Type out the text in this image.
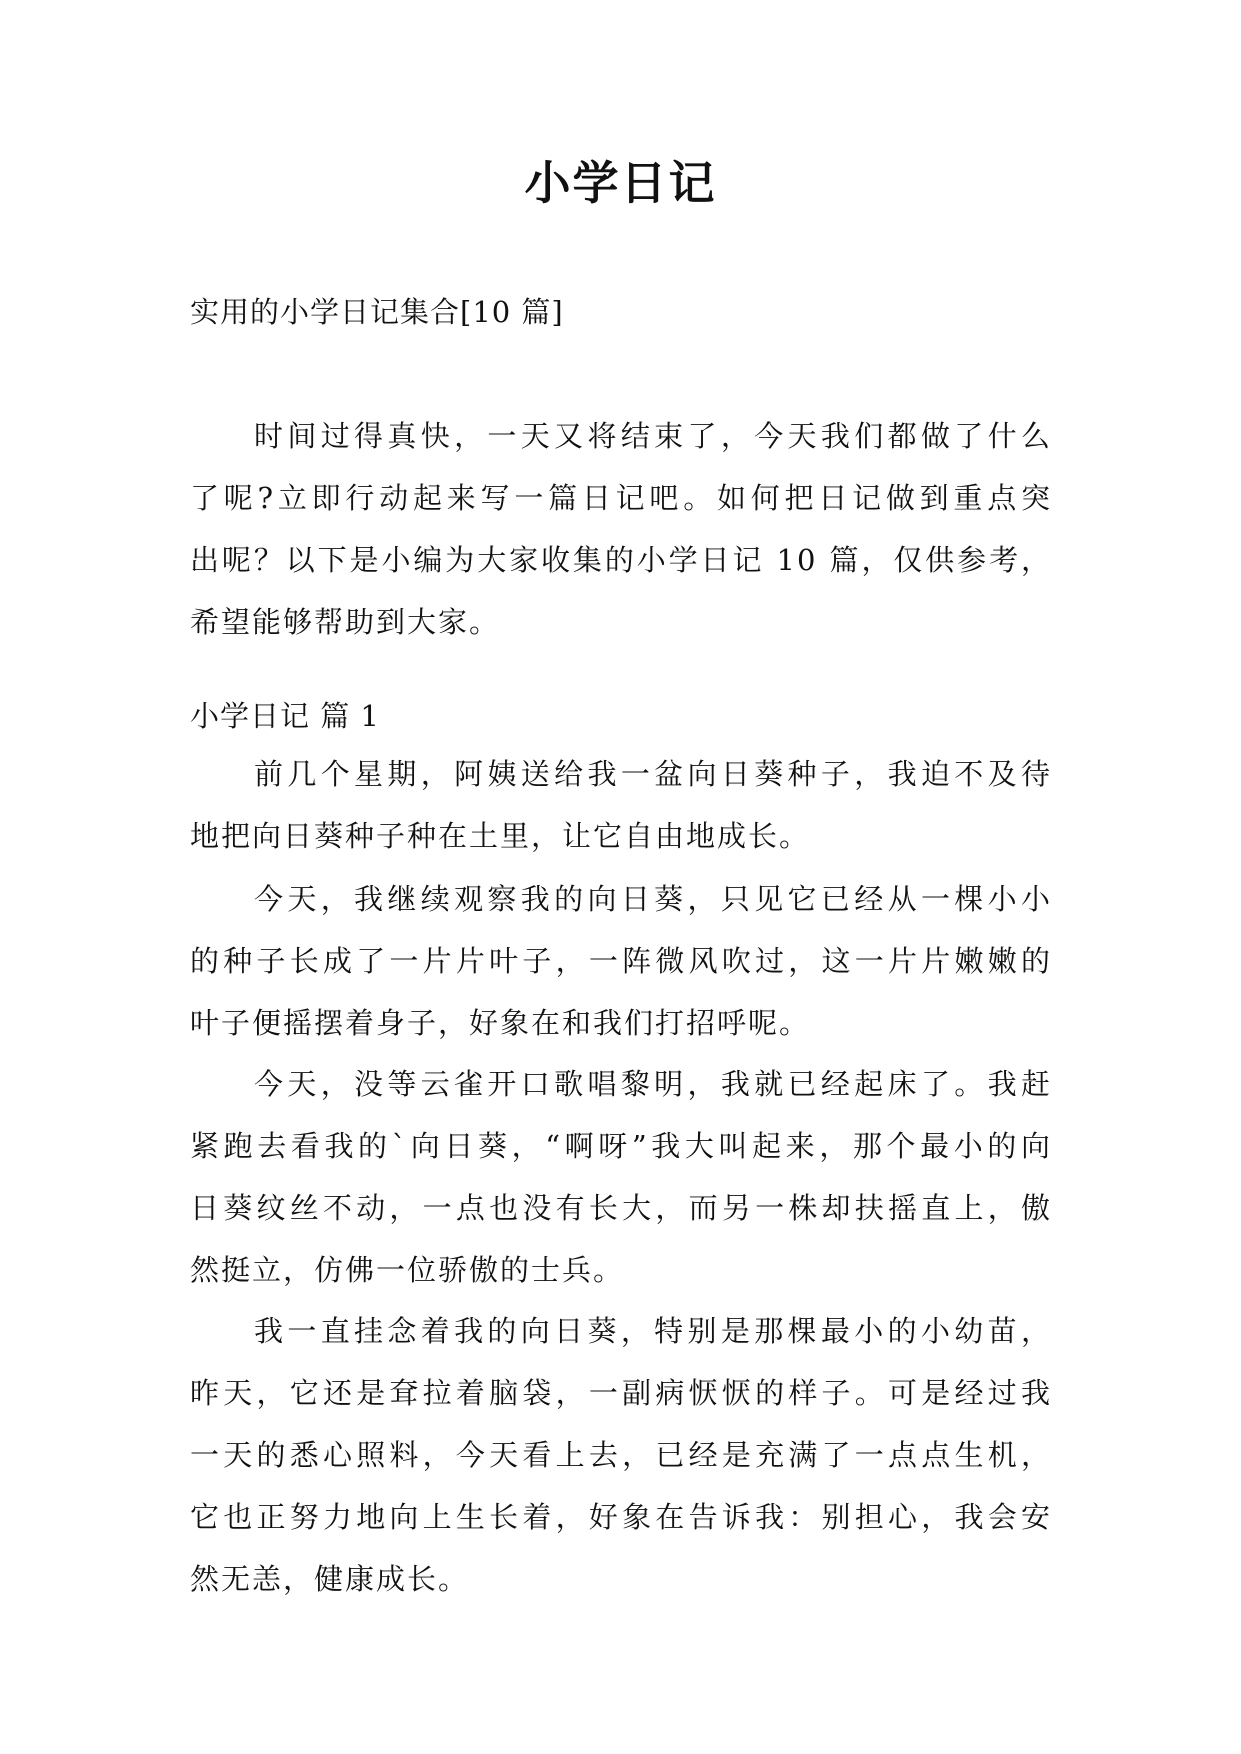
小学日记
实用的小学日记集合[10 篇]
时间过得真快，一天又将结束了，今天我们都做了什么
了呢?立即行动起来写一篇日记吧。如何把日记做到重点突
出呢？以下是小编为大家收集的小学日记 10 篇，仅供参考，
希望能够帮助到大家。
小学日记 篇 1
前几个星期，阿姨送给我一盆向日葵种子，我迫不及待
地把向日葵种子种在土里，让它自由地成长。
今天，我继续观察我的向日葵，只见它已经从一棵小小
的种子长成了一片片叶子，一阵微风吹过，这一片片嫩嫩的
叶子便摇摆着身子，好象在和我们打招呼呢。
今天，没等云雀开口歌唱黎明，我就已经起床了。我赶
紧跑去看我的`向日葵，“啊呀”我大叫起来，那个最小的向
日葵纹丝不动，一点也没有长大，而另一株却扶摇直上，傲
然挺立，仿佛一位骄傲的士兵。
我一直挂念着我的向日葵，特别是那棵最小的小幼苗，
昨天，它还是耷拉着脑袋，一副病恹恹的样子。可是经过我
一天的悉心照料，今天看上去，已经是充满了一点点生机，
它也正努力地向上生长着，好象在告诉我：别担心，我会安
然无恙，健康成长。
